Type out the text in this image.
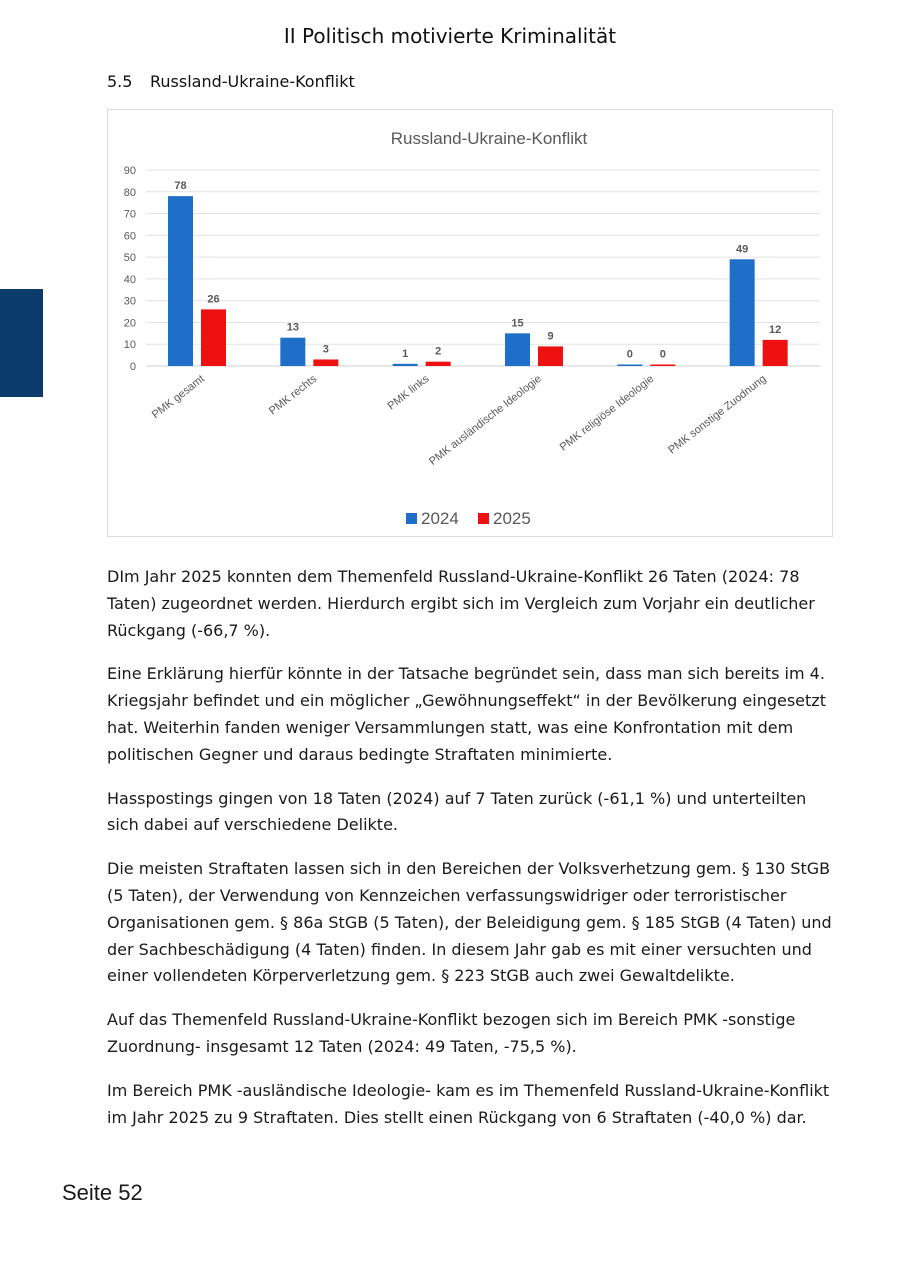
II Politisch motivierte Kriminalität
5.5 Russland-Ukraine-Konflikt
Russland-Ukraine-Konflikt
0
10
20
30
40
50
60
70
80
90
78
26
PMK gesamt
13
3
PMK rechts
1 2
PMK links
15
9
PMK ausländische Ideologie
0 0
PMK religiöse Ideologie
49
12
PMK sonstige Zuodnung
2024 2025

DIm Jahr 2025 konnten dem Themenfeld Russland-Ukraine-Konflikt 26 Taten (2024: 78 Taten) zugeordnet werden. Hierdurch ergibt sich im Vergleich zum Vorjahr ein deutlicher Rückgang (-66,7 %).

Eine Erklärung hierfür könnte in der Tatsache begründet sein, dass man sich bereits im 4. Kriegsjahr befindet und ein möglicher „Gewöhnungseffekt“ in der Bevölkerung eingesetzt hat. Weiterhin fanden weniger Versammlungen statt, was eine Konfrontation mit dem politischen Gegner und daraus bedingte Straftaten minimierte.

Hasspostings gingen von 18 Taten (2024) auf 7 Taten zurück (-61,1 %) und unterteilten sich dabei auf verschiedene Delikte.

Die meisten Straftaten lassen sich in den Bereichen der Volksverhetzung gem. § 130 StGB (5 Taten), der Verwendung von Kennzeichen verfassungswidriger oder terroristischer Organisationen gem. § 86a StGB (5 Taten), der Beleidigung gem. § 185 StGB (4 Taten) und der Sachbeschädigung (4 Taten) finden. In diesem Jahr gab es mit einer versuchten und einer vollendeten Körperverletzung gem. § 223 StGB auch zwei Gewaltdelikte.

Auf das Themenfeld Russland-Ukraine-Konflikt bezogen sich im Bereich PMK -sonstige Zuordnung- insgesamt 12 Taten (2024: 49 Taten, -75,5 %).

Im Bereich PMK -ausländische Ideologie- kam es im Themenfeld Russland-Ukraine-Konflikt im Jahr 2025 zu 9 Straftaten. Dies stellt einen Rückgang von 6 Straftaten (-40,0 %) dar.

Seite 52
